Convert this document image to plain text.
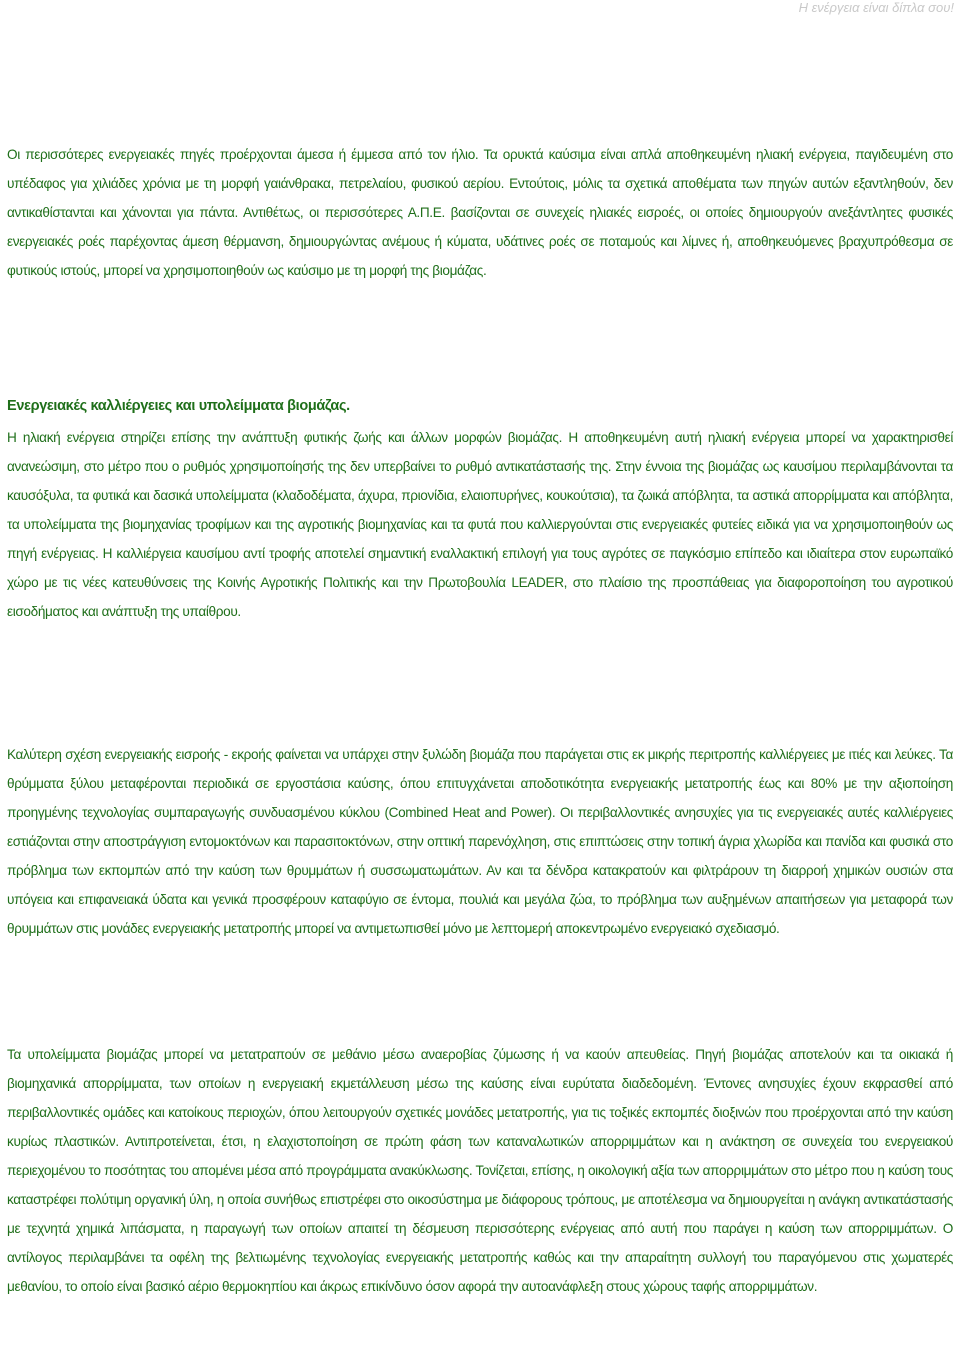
Η ενέργεια είναι δίπλα σου!

Οι περισσότερες ενεργειακές πηγές προέρχονται άμεσα ή έμμεσα από τον ήλιο. Τα ορυκτά καύσιμα είναι απλά αποθηκευμένη ηλιακή ενέργεια, παγιδευμένη στο υπέδαφος για χιλιάδες χρόνια με τη μορφή γαιάνθρακα, πετρελαίου, φυσικού αερίου. Εντούτοις, μόλις τα σχετικά αποθέματα των πηγών αυτών εξαντληθούν, δεν αντικαθίστανται και χάνονται για πάντα. Αντιθέτως, οι περισσότερες Α.Π.Ε. βασίζονται σε συνεχείς ηλιακές εισροές, οι οποίες δημιουργούν ανεξάντλητες φυσικές ενεργειακές ροές παρέχοντας άμεση θέρμανση, δημιουργώντας ανέμους ή κύματα, υδάτινες ροές σε ποταμούς και λίμνες ή, αποθηκευόμενες βραχυπρόθεσμα σε φυτικούς ιστούς, μπορεί να χρησιμοποιηθούν ως καύσιμο με τη μορφή της βιομάζας.

Ενεργειακές καλλιέργειες και υπολείμματα βιομάζας.

Η ηλιακή ενέργεια στηρίζει επίσης την ανάπτυξη φυτικής ζωής και άλλων μορφών βιομάζας. Η αποθηκευμένη αυτή ηλιακή ενέργεια μπορεί να χαρακτηρισθεί ανανεώσιμη, στο μέτρο που ο ρυθμός χρησιμοποίησής της δεν υπερβαίνει το ρυθμό αντικατάστασής της. Στην έννοια της βιομάζας ως καυσίμου περιλαμβάνονται τα καυσόξυλα, τα φυτικά και δασικά υπολείμματα (κλαδοδέματα, άχυρα, πριονίδια, ελαιοπυρήνες, κουκούτσια), τα ζωικά απόβλητα, τα αστικά απορρίμματα και απόβλητα, τα υπολείμματα της βιομηχανίας τροφίμων και της αγροτικής βιομηχανίας και τα φυτά που καλλιεργούνται στις ενεργειακές φυτείες ειδικά για να χρησιμοποιηθούν ως πηγή ενέργειας. Η καλλιέργεια καυσίμου αντί τροφής αποτελεί σημαντική εναλλακτική επιλογή για τους αγρότες σε παγκόσμιο επίπεδο και ιδιαίτερα στον ευρωπαϊκό χώρο με τις νέες κατευθύνσεις της Κοινής Αγροτικής Πολιτικής και την Πρωτοβουλία LEADER, στο πλαίσιο της προσπάθειας για διαφοροποίηση του αγροτικού εισοδήματος και ανάπτυξη της υπαίθρου.

Καλύτερη σχέση ενεργειακής εισροής - εκροής φαίνεται να υπάρχει στην ξυλώδη βιομάζα που παράγεται στις εκ μικρής περιτροπής καλλιέργειες με ιτιές και λεύκες. Τα θρύμματα ξύλου μεταφέρονται περιοδικά σε εργοστάσια καύσης, όπου επιτυγχάνεται αποδοτικότητα ενεργειακής μετατροπής έως και 80% με την αξιοποίηση προηγμένης τεχνολογίας συμπαραγωγής συνδυασμένου κύκλου (Combined Heat and Power). Οι περιβαλλοντικές ανησυχίες για τις ενεργειακές αυτές καλλιέργειες εστιάζονται στην αποστράγγιση εντομοκτόνων και παρασιτοκτόνων, στην οπτική παρενόχληση, στις επιπτώσεις στην τοπική άγρια χλωρίδα και πανίδα και φυσικά στο πρόβλημα των εκπομπών από την καύση των θρυμμάτων ή συσσωματωμάτων. Αν και τα δένδρα κατακρατούν και φιλτράρουν τη διαρροή χημικών ουσιών στα υπόγεια και επιφανειακά ύδατα και γενικά προσφέρουν καταφύγιο σε έντομα, πουλιά και μεγάλα ζώα, το πρόβλημα των αυξημένων απαιτήσεων για μεταφορά των θρυμμάτων στις μονάδες ενεργειακής μετατροπής μπορεί να αντιμετωπισθεί μόνο με λεπτομερή αποκεντρωμένο ενεργειακό σχεδιασμό.

Τα υπολείμματα βιομάζας μπορεί να μετατραπούν σε μεθάνιο μέσω αναεροβίας ζύμωσης ή να καούν απευθείας. Πηγή βιομάζας αποτελούν και τα οικιακά ή βιομηχανικά απορρίμματα, των οποίων η ενεργειακή εκμετάλλευση μέσω της καύσης είναι ευρύτατα διαδεδομένη. Έντονες ανησυχίες έχουν εκφρασθεί από περιβαλλοντικές ομάδες και κατοίκους περιοχών, όπου λειτουργούν σχετικές μονάδες μετατροπής, για τις τοξικές εκπομπές διοξινών που προέρχονται από την καύση κυρίως πλαστικών. Αντιπροτείνεται, έτσι, η ελαχιστοποίηση σε πρώτη φάση των καταναλωτικών απορριμμάτων και η ανάκτηση σε συνεχεία του ενεργειακού περιεχομένου το ποσότητας του απομένει μέσα από προγράμματα ανακύκλωσης. Τονίζεται, επίσης, η οικολογική αξία των απορριμμάτων στο μέτρο που η καύση τους καταστρέφει πολύτιμη οργανική ύλη, η οποία συνήθως επιστρέφει στο οικοσύστημα με διάφορους τρόπους, με αποτέλεσμα να δημιουργείται η ανάγκη αντικατάστασής με τεχνητά χημικά λιπάσματα, η παραγωγή των οποίων απαιτεί τη δέσμευση περισσότερης ενέργειας από αυτή που παράγει η καύση των απορριμμάτων. Ο αντίλογος περιλαμβάνει τα οφέλη της βελτιωμένης τεχνολογίας ενεργειακής μετατροπής καθώς και την απαραίτητη συλλογή του παραγόμενου στις χωματερές μεθανίου, το οποίο είναι βασικό αέριο θερμοκηπίου και άκρως επικίνδυνο όσον αφορά την αυτοανάφλεξη στους χώρους ταφής απορριμμάτων.
